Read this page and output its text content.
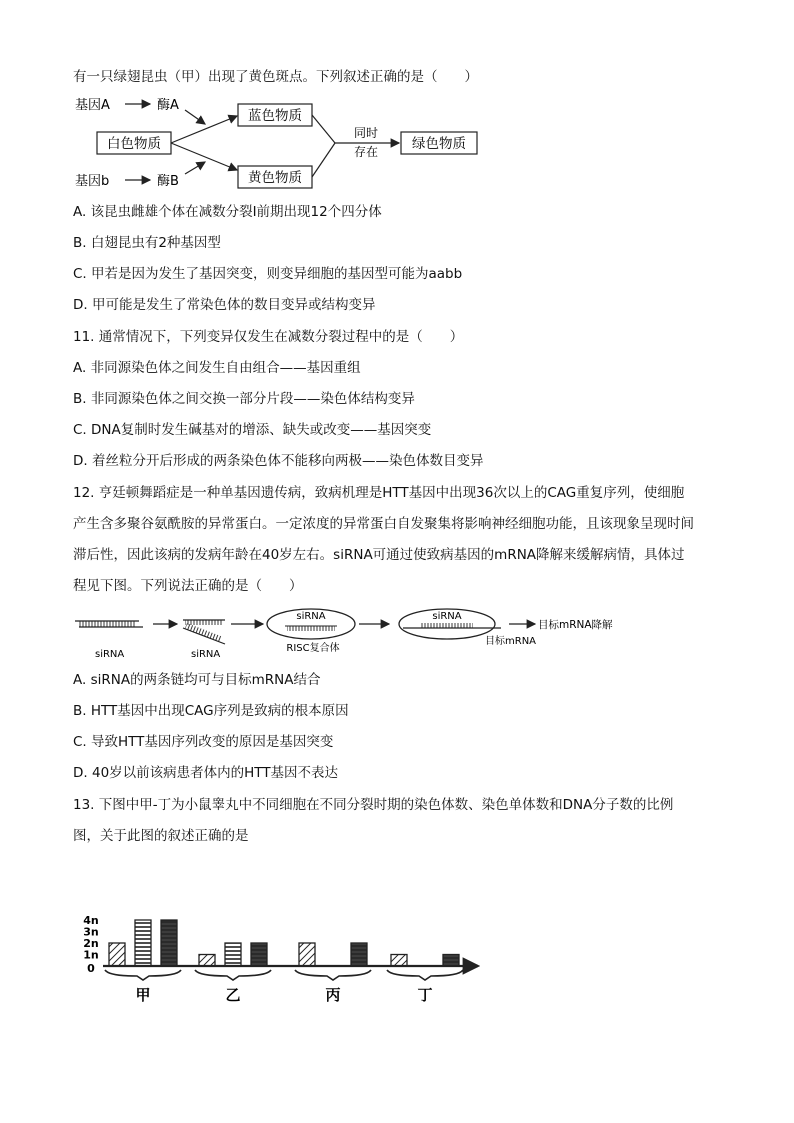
有一只绿翅昆虫（甲）出现了黄色斑点。下列叙述正确的是（　　）
基因A	酶A
白色物质
蓝色物质
黄色物质
基因b	酶B
同时
存在	绿色物质
A. 该昆虫雌雄个体在减数分裂Ⅰ前期出现12个四分体
B. 白翅昆虫有2种基因型
C. 甲若是因为发生了基因突变，则变异细胞的基因型可能为aabb
D. 甲可能是发生了常染色体的数目变异或结构变异
11. 通常情况下，下列变异仅发生在减数分裂过程中的是（　　）
A. 非同源染色体之间发生自由组合——基因重组
B. 非同源染色体之间交换一部分片段——染色体结构变异
C. DNA复制时发生碱基对的增添、缺失或改变——基因突变
D. 着丝粒分开后形成的两条染色体不能移向两极——染色体数目变异
12. 亨廷顿舞蹈症是一种单基因遗传病，致病机理是HTT基因中出现36次以上的CAG重复序列，使细胞
产生含多聚谷氨酰胺的异常蛋白。一定浓度的异常蛋白自发聚集将影响神经细胞功能，且该现象呈现时间
滞后性，因此该病的发病年龄在40岁左右。siRNA可通过使致病基因的mRNA降解来缓解病情，具体过
程见下图。下列说法正确的是（　　）
siRNA	siRNA
siRNA
RISC复合体
siRNA
目标mRNA
目标mRNA降解
A. siRNA的两条链均可与目标mRNA结合
B. HTT基因中出现CAG序列是致病的根本原因
C. 导致HTT基因序列改变的原因是基因突变
D. 40岁以前该病患者体内的HTT基因不表达
13. 下图中甲-丁为小鼠睾丸中不同细胞在不同分裂时期的染色体数、染色单体数和DNA分子数的比例
图，关于此图的叙述正确的是
0
1n
2n
3n
4n
甲	乙	丙	丁
